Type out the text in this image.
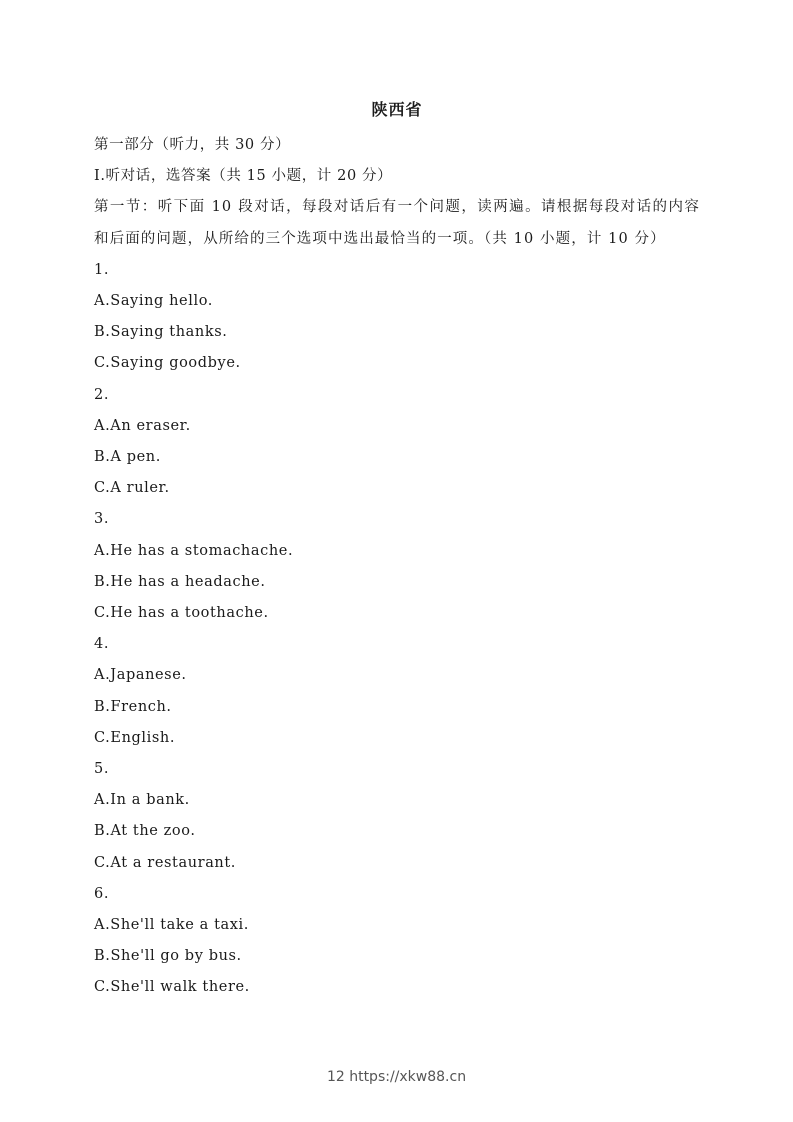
陕西省
第一部分（听力，共 30 分）
I.听对话，选答案（共 15 小题，计 20 分）
第一节：听下面 10 段对话，每段对话后有一个问题，读两遍。请根据每段对话的内容和后面的问题，从所给的三个选项中选出最恰当的一项。（共 10 小题，计 10 分）
1.
A.Saying hello.
B.Saying thanks.
C.Saying goodbye.
2.
A.An eraser.
B.A pen.
C.A ruler.
3.
A.He has a stomachache.
B.He has a headache.
C.He has a toothache.
4.
A.Japanese.
B.French.
C.English.
5.
A.In a bank.
B.At the zoo.
C.At a restaurant.
6.
A.She'll take a taxi.
B.She'll go by bus.
C.She'll walk there.
12 https://xkw88.cn
